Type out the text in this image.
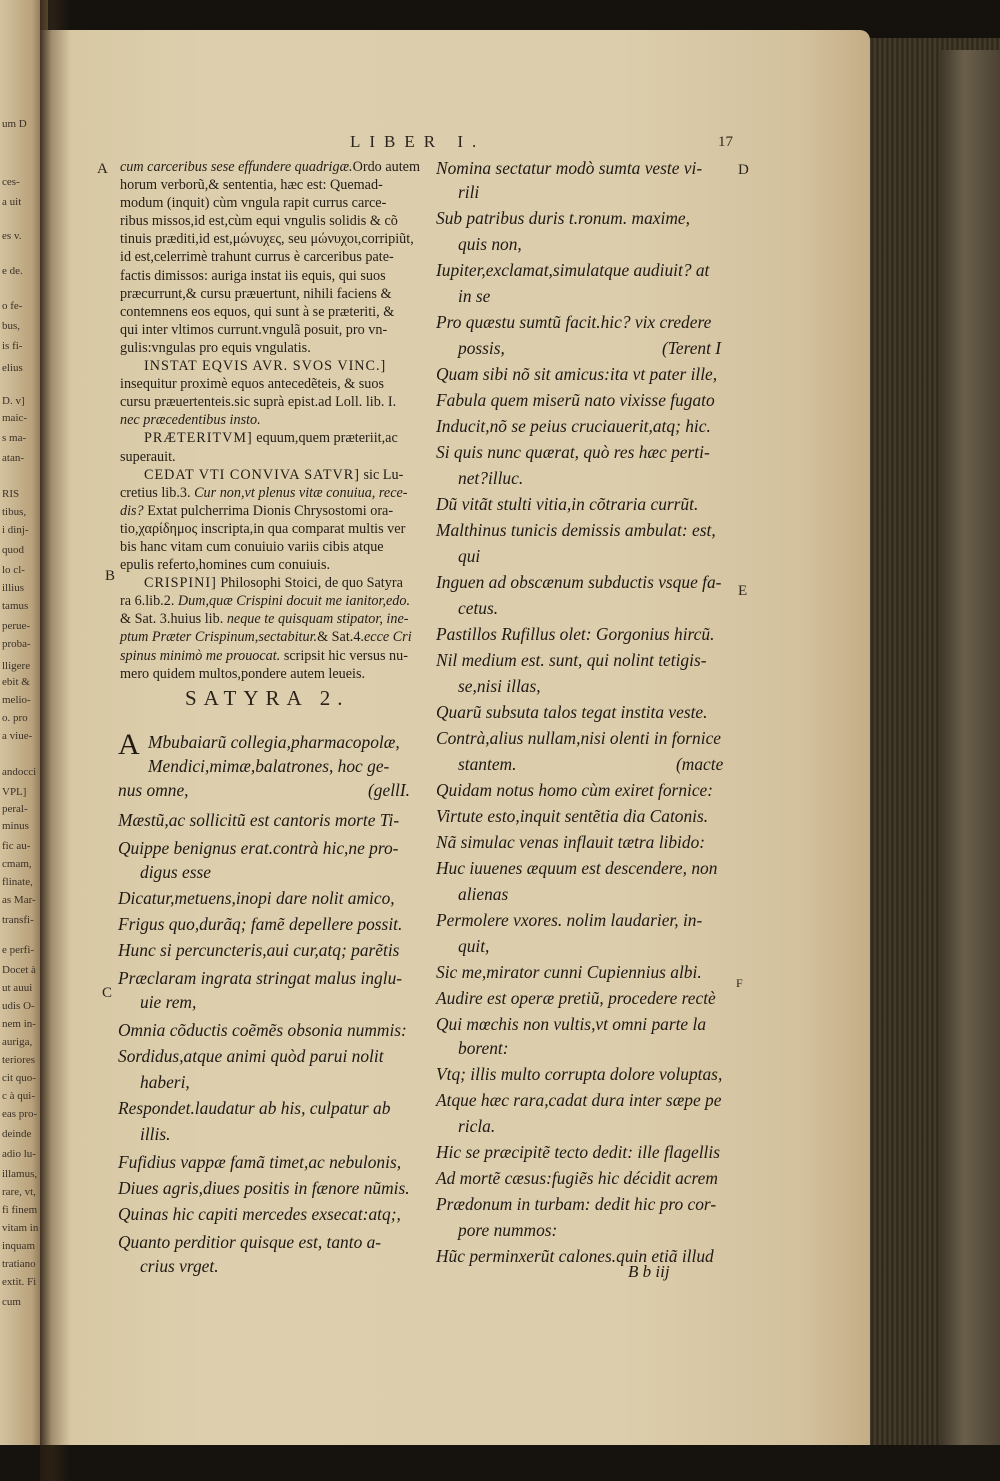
um D
ces-
a uit
es v.
e de.
o fe-
bus,
is fi-
elius
D. v]
maic-
s ma-
atan-
RIS
tibus,
i dinj-
quod
lo cl-
illius
tamus
perue-
proba-
lligere
ebit &
melio-
o. pro
a viue-
andocci
VPL]
peral-
minus
fic au-
cmam,
flinate,
as Mar-
transfi-
e perfi-
Docet à
ut auui
udis O-
nem in-
auriga,
teriores
cit quo-
c à qui-
eas pro-
deinde
adio lu-
illamus,
rare, vt,
fi finem
vitam in
inquam
tratiano
extit. Fi
cum
LIBER I.	17
A
B
C
D
E
F
cum carceribus sese effundere quadrigæ.Ordo autem
horum verborũ,& sententia, hæc est: Quemad-
modum (inquit) cùm vngula rapit currus carce-
ribus missos,id est,cùm equi vngulis solidis & cõ
tinuis præditi,id est,μώνυχες, seu μώνυχοι,corripiũt,
id est,celerrimè trahunt currus è carceribus pate-
factis dimissos: auriga instat iis equis, qui suos
præcurrunt,& cursu præuertunt, nihili faciens &
contemnens eos equos, qui sunt à se præteriti, &
qui inter vltimos currunt.vngulã posuit, pro vn-
gulis:vngulas pro equis vngulatis.
INSTAT EQVIS AVR. SVOS VINC.]
insequitur proximè equos antecedẽteis, & suos
cursu præuertenteis.sic suprà epist.ad Loll. lib. I.
nec præcedentibus insto.
PRÆTERITVM] equum,quem præteriit,ac
superauit.
CEDAT VTI CONVIVA SATVR] sic Lu-
cretius lib.3. Cur non,vt plenus vitæ conuiua, rece-
dis? Extat pulcherrima Dionis Chrysostomi ora-
tio,χαρίδημος inscripta,in qua comparat multis ver
bis hanc vitam cum conuiuio variis cibis atque
epulis referto,homines cum conuiuis.
CRISPINI] Philosophi Stoici, de quo Satyra
ra 6.lib.2. Dum,quæ Crispini docuit me ianitor,edo.
& Sat. 3.huius lib. neque te quisquam stipator, ine-
ptum Præter Crispinum,sectabitur.& Sat.4.ecce Cri
spinus minimò me prouocat. scripsit hic versus nu-
mero quidem multos,pondere autem leueis.
SATYRA 2.
A Mbubaiarũ collegia,pharmacopolæ,
Mendici,mimæ,balatrones, hoc ge-
nus omne,	(gellI.
Mæstũ,ac sollicitũ est cantoris morte Ti-
Quippe benignus erat.contrà hic,ne pro-
digus esse
Dicatur,metuens,inopi dare nolit amico,
Frigus quo,durãq; famẽ depellere possit.
Hunc si percuncteris,aui cur,atq; parẽtis
Præclaram ingrata stringat malus inglu-
uie rem,
Omnia cõductis coẽmẽs obsonia nummis:
Sordidus,atque animi quòd parui nolit
haberi,
Respondet.laudatur ab his, culpatur ab
illis.
Fufidius vappæ famã timet,ac nebulonis,
Diues agris,diues positis in fænore nũmis.
Quinas hic capiti mercedes exsecat:atq;,
Quanto perditior quisque est, tanto a-
crius vrget.
Nomina sectatur modò sumta veste vi-
rili
Sub patribus duris t.ronum. maxime,
quis non,
Iupiter,exclamat,simulatque audiuit? at
in se
Pro quæstu sumtũ facit.hic? vix credere
possis,	(Terent I
Quam sibi nõ sit amicus:ita vt pater ille,
Fabula quem miserũ nato vixisse fugato
Inducit,nõ se peius cruciauerit,atq; hic.
Si quis nunc quærat, quò res hæc perti-
net?illuc.
Dũ vitãt stulti vitia,in cõtraria currũt.
Malthinus tunicis demissis ambulat: est,
qui
Inguen ad obscænum subductis vsque fa-
cetus.
Pastillos Rufillus olet: Gorgonius hircũ.
Nil medium est. sunt, qui nolint tetigis-
se,nisi illas,
Quarũ subsuta talos tegat instita veste.
Contrà,alius nullam,nisi olenti in fornice
stantem.	(macte
Quidam notus homo cùm exiret fornice:
Virtute esto,inquit sentẽtia dia Catonis.
Nã simulac venas inflauit tætra libido:
Huc iuuenes æquum est descendere, non
alienas
Permolere vxores. nolim laudarier, in-
quit,
Sic me,mirator cunni Cupiennius albi.
Audire est operæ pretiũ, procedere rectè
Qui mœchis non vultis,vt omni parte la
borent:
Vtq; illis multo corrupta dolore voluptas,
Atque hæc rara,cadat dura inter sæpe pe
ricla.
Hic se præcipitẽ tecto dedit: ille flagellis
Ad mortẽ cæsus:fugiẽs hic décidit acrem
Prædonum in turbam: dedit hic pro cor-
pore nummos:
Hũc perminxerũt calones.quin etiã illud
B b iij
